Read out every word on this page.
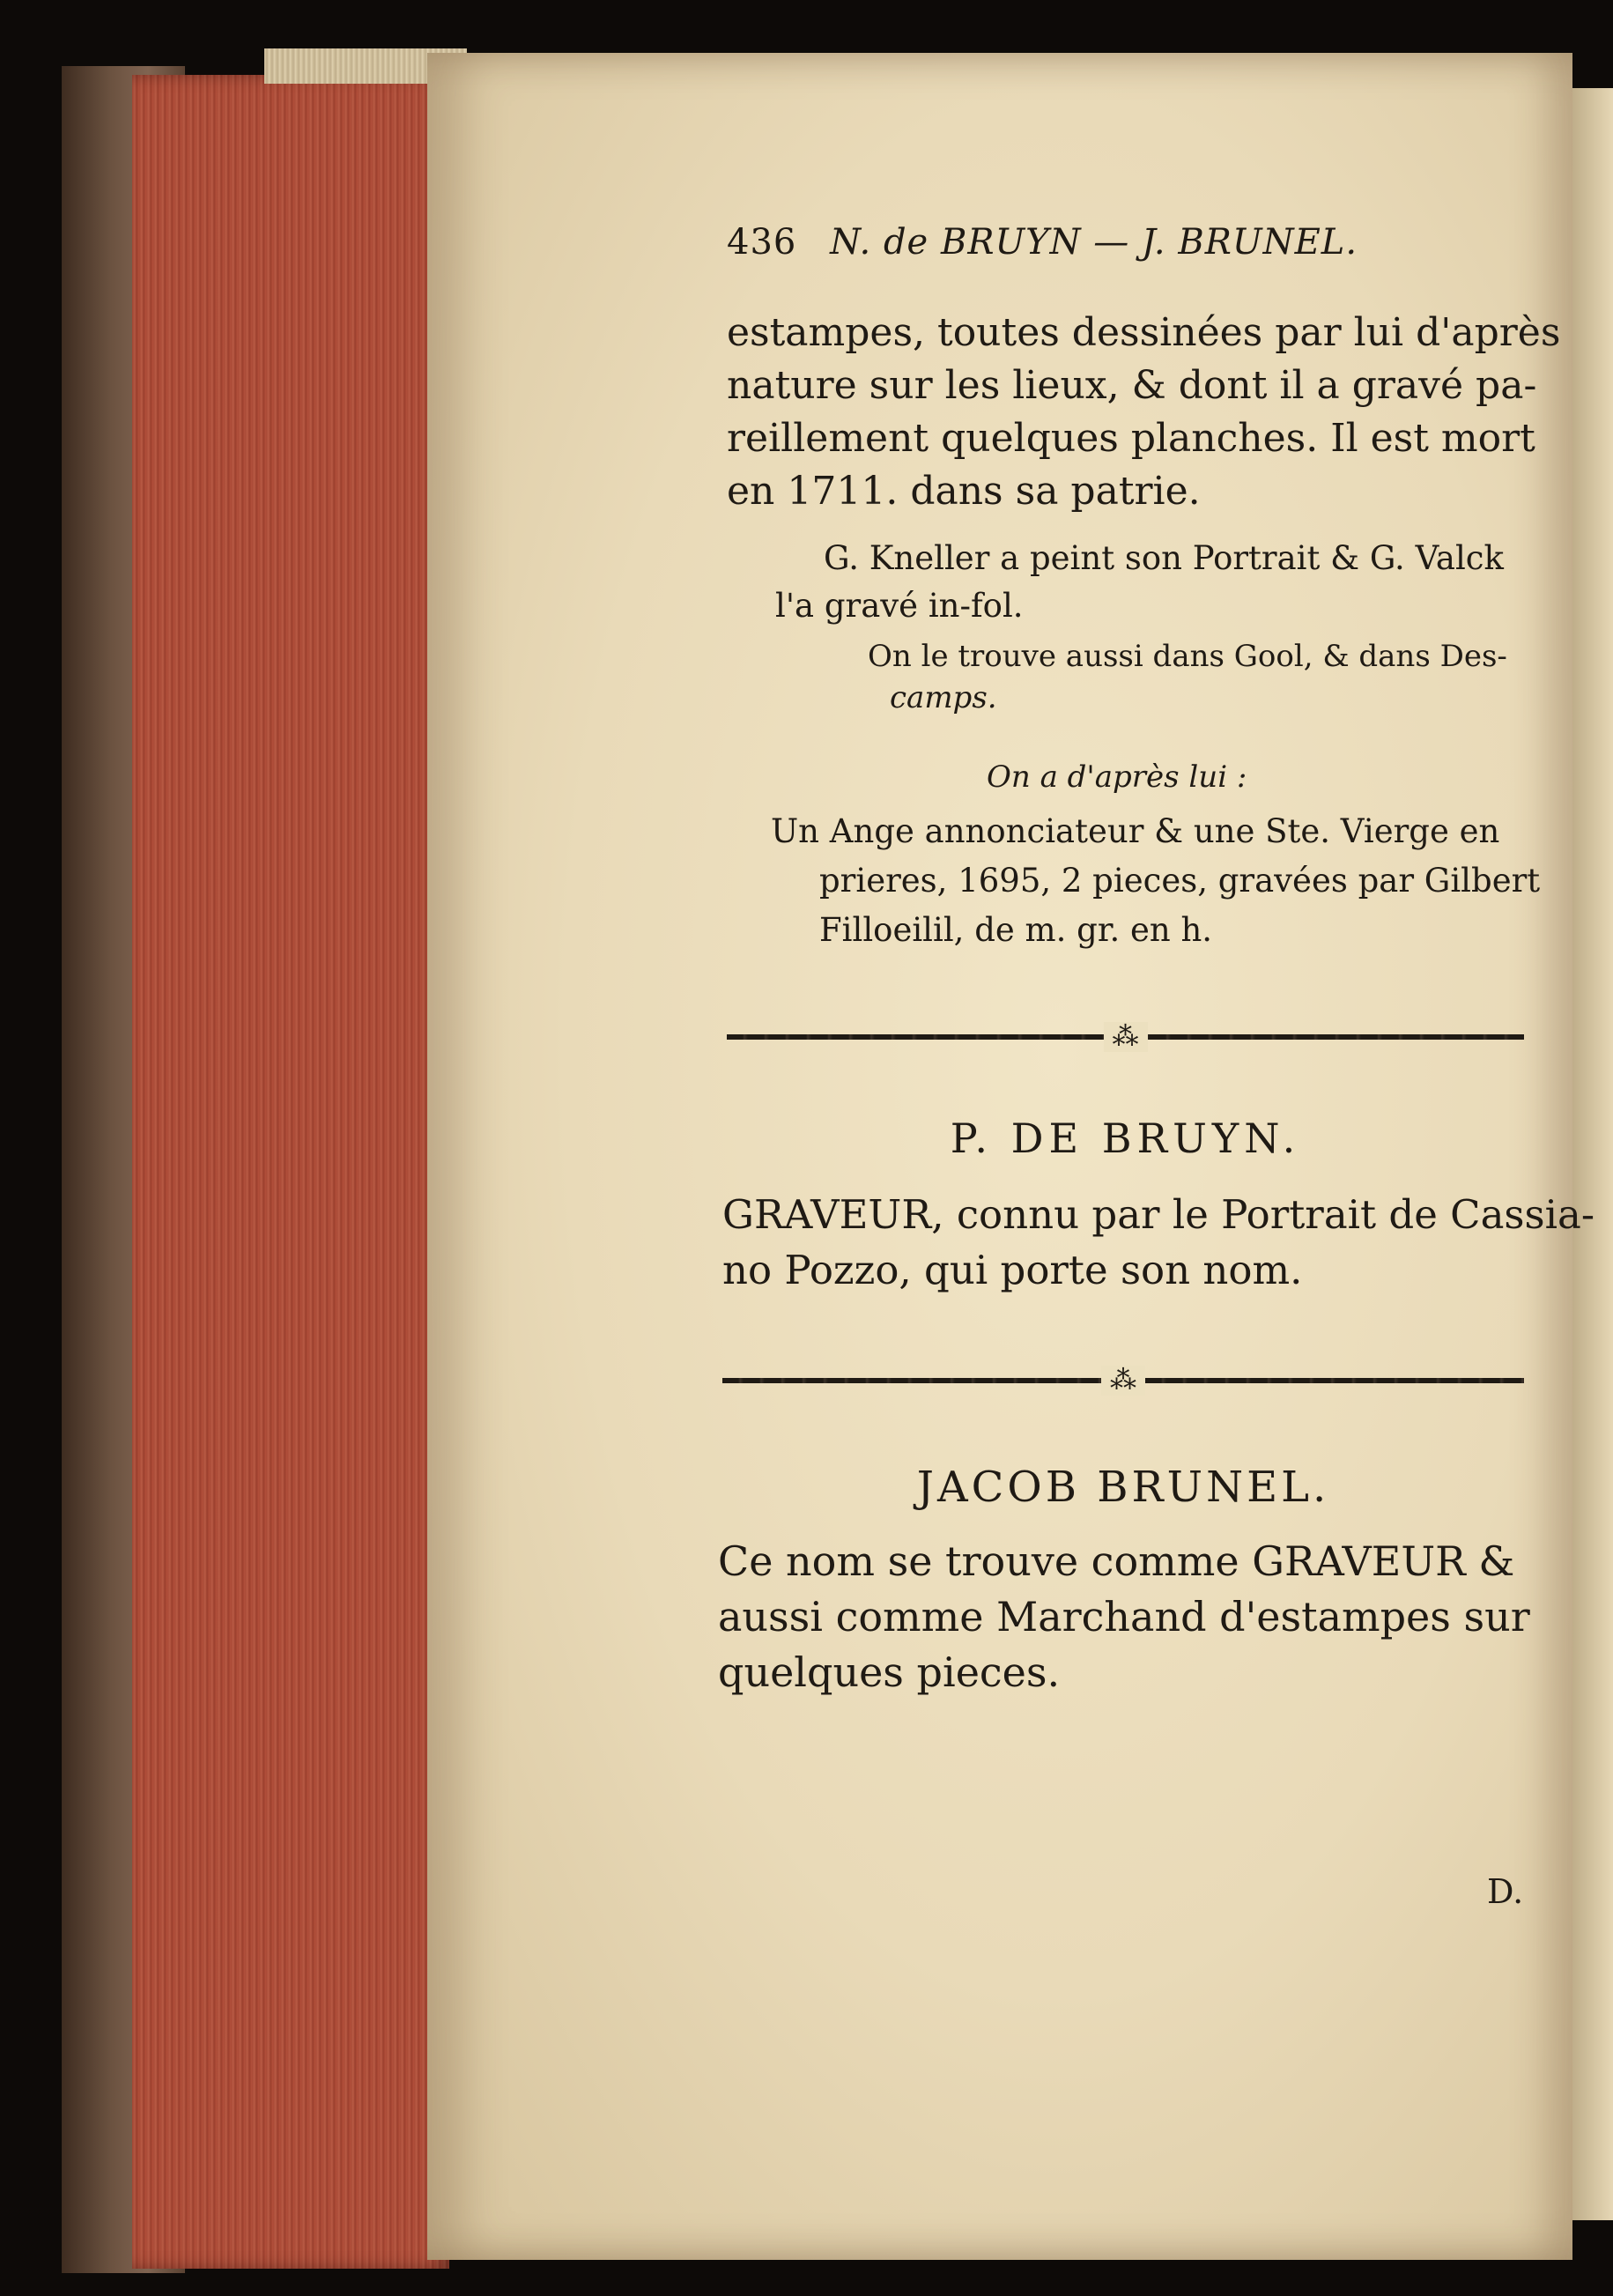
436 N. de BRUYN — J. BRUNEL.
estampes, toutes dessinées par lui d'après
nature sur les lieux, & dont il a gravé pa-
reillement quelques planches. Il est mort
en 1711. dans sa patrie.
G. Kneller a peint son Portrait & G. Valck
l'a gravé in-fol.
On le trouve aussi dans Gool, & dans Des-
camps.
On a d'après lui :
Un Ange annonciateur & une Ste. Vierge en
prieres, 1695, 2 pieces, gravées par Gilbert
Filloeilil, de m. gr. en h.
⁂
P. DE BRUYN.
GRAVEUR, connu par le Portrait de Cassia-
no Pozzo, qui porte son nom.
⁂
JACOB BRUNEL.
Ce nom se trouve comme GRAVEUR &
aussi comme Marchand d'estampes sur
quelques pieces.
D.
